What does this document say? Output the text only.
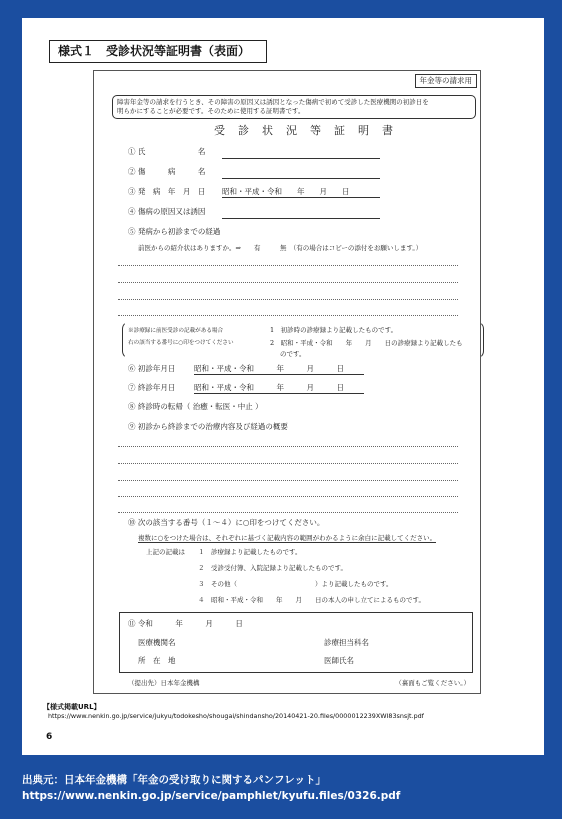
様式１　受診状況等証明書（表面）
年金等の請求用
障害年金等の請求を行うとき、その障害の原因又は誘因となった傷病で初めて受診した医療機関の初診日を
明らかにすることが必要です。そのために使用する証明書です。
受　診　状　況　等　証　明　書
① 氏　　　　　　　名
② 傷　　　病　　　名
③ 発　病　年　月　日 昭和・平成・令和　　年　　月　　日
④ 傷病の原因又は誘因
⑤ 発病から初診までの経過
前医からの紹介状はありますか。⇒　　有　　　無　（有の場合はコピーの添付をお願いします。）
※診療録に前医受診の記載がある場合
右の該当する番号に○印をつけてください
1　初診時の診療録より記載したものです。
2　昭和・平成・令和　　年　　月　　日の診療録より記載したも
のです。
⑥ 初診年月日 昭和・平成・令和　　　年　　　月　　　日
⑦ 終診年月日 昭和・平成・令和　　　年　　　月　　　日
⑧ 終診時の転帰（ 治癒・転医・中止 ）
⑨ 初診から終診までの治療内容及び経過の概要
⑩ 次の該当する番号（１～４）に○印をつけてください。
複数に○をつけた場合は、それぞれに基づく記載内容の範囲がわかるように余白に記載してください。
上記の記載は １　診療録より記載したものです。
２　受診受付簿、入院記録より記載したものです。
３　その他（　　　　　　　　　　　　）より記載したものです。
４　昭和・平成・令和　　年　　月　　日の本人の申し立てによるものです。
⑪ 令和　　　年　　　月　　　日
医療機関名	診療担当科名
所　在　地	医師氏名
（提出先）日本年金機構	（裏面もご覧ください。）
【様式掲載URL】
https://www.nenkin.go.jp/service/jukyu/todokesho/shougai/shindansho/20140421-20.files/0000012239XWI83snsjt.pdf
6
出典元：日本年金機構「年金の受け取りに関するパンフレット」
https://www.nenkin.go.jp/service/pamphlet/kyufu.files/0326.pdf
